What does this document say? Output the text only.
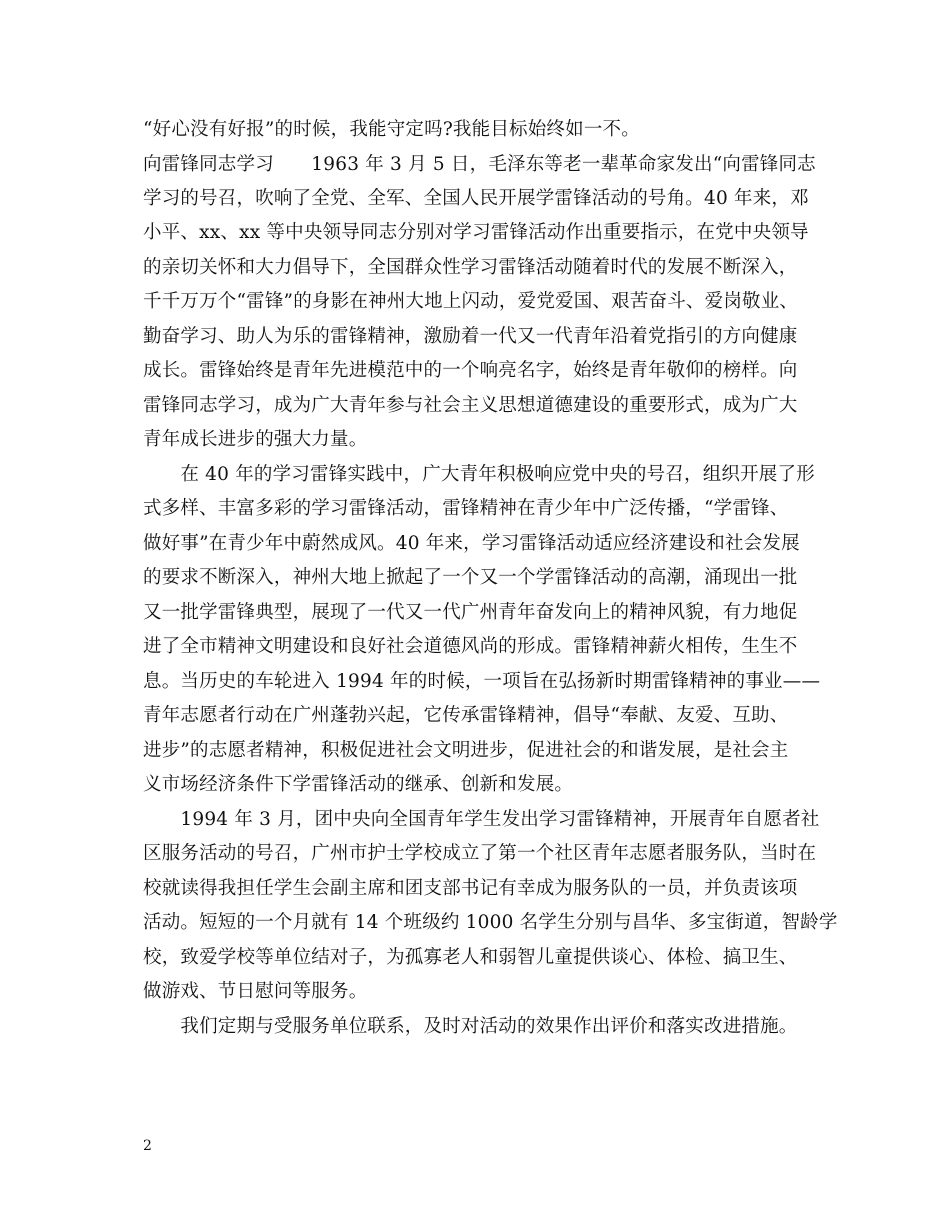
“好心没有好报”的时候，我能守定吗?我能目标始终如一不。
向雷锋同志学习　　1963 年 3 月 5 日，毛泽东等老一辈革命家发出“向雷锋同志
学习的号召，吹响了全党、全军、全国人民开展学雷锋活动的号角。40 年来，邓
小平、xx、xx 等中央领导同志分别对学习雷锋活动作出重要指示，在党中央领导
的亲切关怀和大力倡导下，全国群众性学习雷锋活动随着时代的发展不断深入，
千千万万个“雷锋”的身影在神州大地上闪动，爱党爱国、艰苦奋斗、爱岗敬业、
勤奋学习、助人为乐的雷锋精神，激励着一代又一代青年沿着党指引的方向健康
成长。雷锋始终是青年先进模范中的一个响亮名字，始终是青年敬仰的榜样。向
雷锋同志学习，成为广大青年参与社会主义思想道德建设的重要形式，成为广大
青年成长进步的强大力量。
　　在 40 年的学习雷锋实践中，广大青年积极响应党中央的号召，组织开展了形
式多样、丰富多彩的学习雷锋活动，雷锋精神在青少年中广泛传播，“学雷锋、
做好事”在青少年中蔚然成风。40 年来，学习雷锋活动适应经济建设和社会发展
的要求不断深入，神州大地上掀起了一个又一个学雷锋活动的高潮，涌现出一批
又一批学雷锋典型，展现了一代又一代广州青年奋发向上的精神风貌，有力地促
进了全市精神文明建设和良好社会道德风尚的形成。雷锋精神薪火相传，生生不
息。当历史的车轮进入 1994 年的时候，一项旨在弘扬新时期雷锋精神的事业——
青年志愿者行动在广州蓬勃兴起，它传承雷锋精神，倡导“奉献、友爱、互助、
进步”的志愿者精神，积极促进社会文明进步，促进社会的和谐发展，是社会主
义市场经济条件下学雷锋活动的继承、创新和发展。
　　1994 年 3 月，团中央向全国青年学生发出学习雷锋精神，开展青年自愿者社
区服务活动的号召，广州市护士学校成立了第一个社区青年志愿者服务队，当时在
校就读得我担任学生会副主席和团支部书记有幸成为服务队的一员，并负责该项
活动。短短的一个月就有 14 个班级约 1000 名学生分别与昌华、多宝街道，智龄学
校，致爱学校等单位结对子，为孤寡老人和弱智儿童提供谈心、体检、搞卫生、
做游戏、节日慰问等服务。
　　我们定期与受服务单位联系，及时对活动的效果作出评价和落实改进措施。
2
